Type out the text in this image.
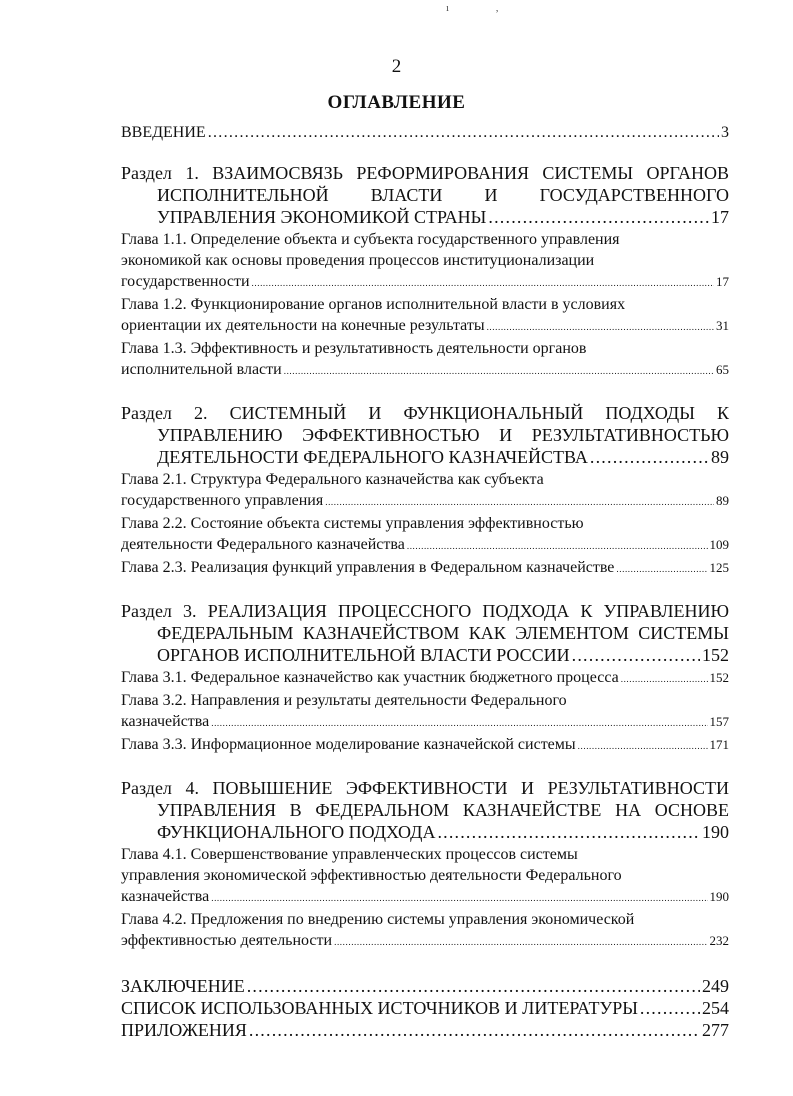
ı ,
2
ОГЛАВЛЕНИЕ
ВВЕДЕНИЕ .....	3
Раздел 1. ВЗАИМОСВЯЗЬ РЕФОРМИРОВАНИЯ СИСТЕМЫ ОРГАНОВ
ИСПОЛНИТЕЛЬНОЙ ВЛАСТИ И ГОСУДАРСТВЕННОГО
УПРАВЛЕНИЯ ЭКОНОМИКОЙ СТРАНЫ .....	17
Глава 1.1. Определение объекта и субъекта государственного управления
экономикой как основы проведения процессов институционализации
государственности .....	17
Глава 1.2. Функционирование органов исполнительной власти в условиях
ориентации их деятельности на конечные результаты .....	31
Глава 1.3. Эффективность и результативность деятельности органов
исполнительной власти .....	65
Раздел 2. СИСТЕМНЫЙ И ФУНКЦИОНАЛЬНЫЙ ПОДХОДЫ К
УПРАВЛЕНИЮ ЭФФЕКТИВНОСТЬЮ И РЕЗУЛЬТАТИВНОСТЬЮ
ДЕЯТЕЛЬНОСТИ ФЕДЕРАЛЬНОГО КАЗНАЧЕЙСТВА .....	89
Глава 2.1. Структура Федерального казначейства как субъекта
государственного управления .....	89
Глава 2.2. Состояние объекта системы управления эффективностью
деятельности Федерального казначейства .....	109
Глава 2.3. Реализация функций управления в Федеральном казначействе .....	125
Раздел 3. РЕАЛИЗАЦИЯ ПРОЦЕССНОГО ПОДХОДА К УПРАВЛЕНИЮ
ФЕДЕРАЛЬНЫМ КАЗНАЧЕЙСТВОМ КАК ЭЛЕМЕНТОМ СИСТЕМЫ
ОРГАНОВ ИСПОЛНИТЕЛЬНОЙ ВЛАСТИ РОССИИ .....	152
Глава 3.1. Федеральное казначейство как участник бюджетного процесса .....	152
Глава 3.2. Направления и результаты деятельности Федерального
казначейства .....	157
Глава 3.3. Информационное моделирование казначейской системы .....	171
Раздел 4. ПОВЫШЕНИЕ ЭФФЕКТИВНОСТИ И РЕЗУЛЬТАТИВНОСТИ
УПРАВЛЕНИЯ В ФЕДЕРАЛЬНОМ КАЗНАЧЕЙСТВЕ НА ОСНОВЕ
ФУНКЦИОНАЛЬНОГО ПОДХОДА .....	190
Глава 4.1. Совершенствование управленческих процессов системы
управления экономической эффективностью деятельности Федерального
казначейства .....	190
Глава 4.2. Предложения по внедрению системы управления экономической
эффективностью деятельности .....	232
ЗАКЛЮЧЕНИЕ .....	249
СПИСОК ИСПОЛЬЗОВАННЫХ ИСТОЧНИКОВ И ЛИТЕРАТУРЫ .....	254
ПРИЛОЖЕНИЯ .....	277
